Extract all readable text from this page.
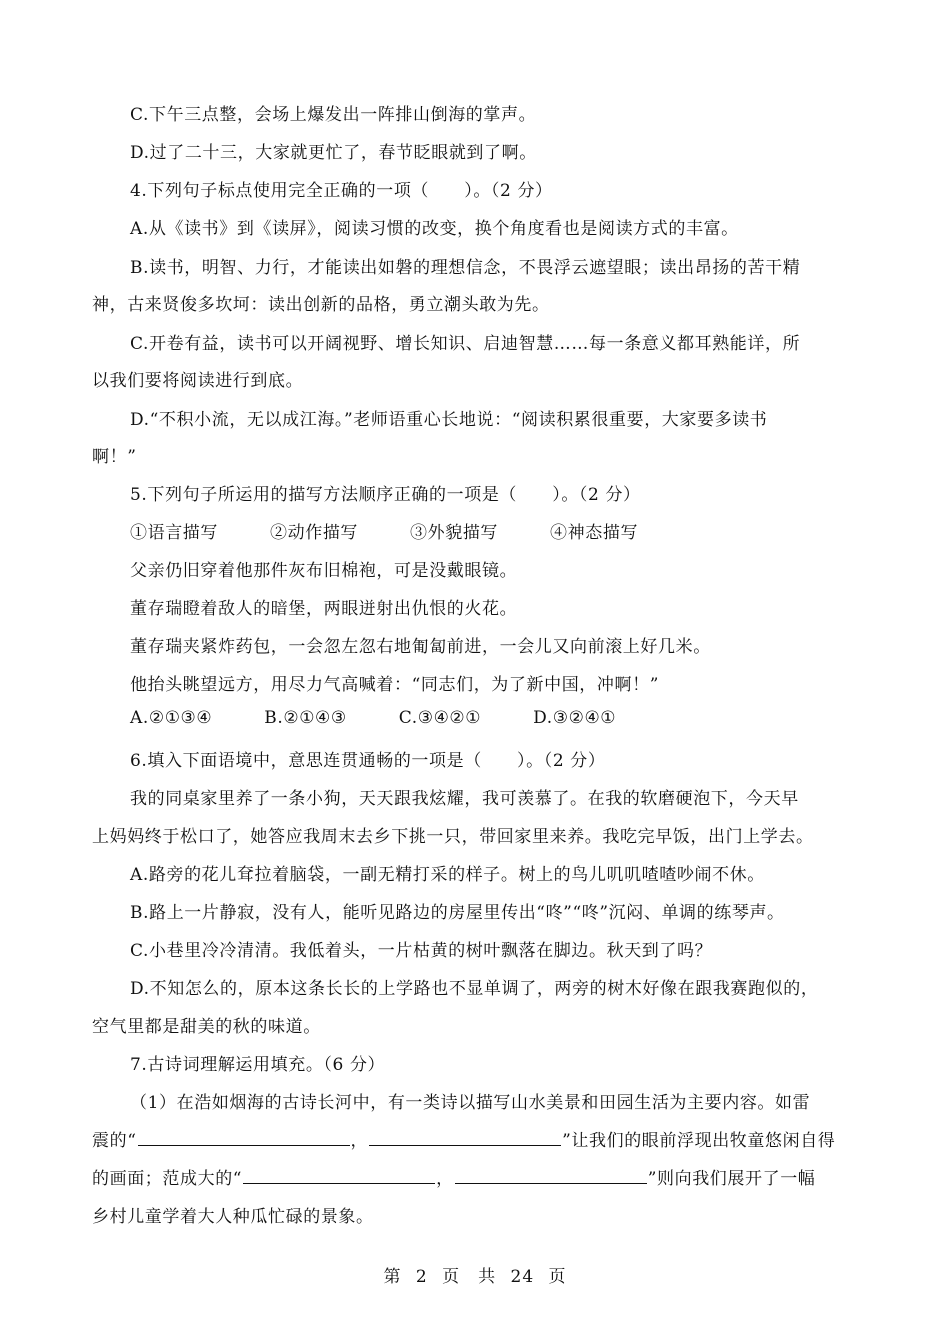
C.下午三点整，会场上爆发出一阵排山倒海的掌声。
D.过了二十三，大家就更忙了，春节眨眼就到了啊。
4.下列句子标点使用完全正确的一项（　　）。（2 分）
A.从《读书》到《读屏》，阅读习惯的改变，换个角度看也是阅读方式的丰富。
B.读书，明智、力行，才能读出如磐的理想信念，不畏浮云遮望眼；读出昂扬的苦干精
神，古来贤俊多坎坷：读出创新的品格，勇立潮头敢为先。
C.开卷有益，读书可以开阔视野、增长知识、启迪智慧……每一条意义都耳熟能详，所
以我们要将阅读进行到底。
D.“不积小流，无以成江海。”老师语重心长地说：“阅读积累很重要，大家要多读书
啊！”
5.下列句子所运用的描写方法顺序正确的一项是（　　）。（2 分）
①语言描写	②动作描写	③外貌描写	④神态描写
父亲仍旧穿着他那件灰布旧棉袍，可是没戴眼镜。
董存瑞瞪着敌人的暗堡，两眼迸射出仇恨的火花。
董存瑞夹紧炸药包，一会忽左忽右地匍匐前进，一会儿又向前滚上好几米。
他抬头眺望远方，用尽力气高喊着：“同志们，为了新中国，冲啊！”
A.②①③④	B.②①④③	C.③④②①	D.③②④①
6.填入下面语境中，意思连贯通畅的一项是（　　）。（2 分）
我的同桌家里养了一条小狗，天天跟我炫耀，我可羡慕了。在我的软磨硬泡下，今天早
上妈妈终于松口了，她答应我周末去乡下挑一只，带回家里来养。我吃完早饭，出门上学去。
A.路旁的花儿耷拉着脑袋，一副无精打采的样子。树上的鸟儿叽叽喳喳吵闹不休。
B.路上一片静寂，没有人，能听见路边的房屋里传出“咚”“咚”沉闷、单调的练琴声。
C.小巷里冷冷清清。我低着头，一片枯黄的树叶飘落在脚边。秋天到了吗？
D.不知怎么的，原本这条长长的上学路也不显单调了，两旁的树木好像在跟我赛跑似的，
空气里都是甜美的秋的味道。
7.古诗词理解运用填充。（6 分）
（1）在浩如烟海的古诗长河中，有一类诗以描写山水美景和田园生活为主要内容。如雷
震的“	，	”让我们的眼前浮现出牧童悠闲自得
的画面；范成大的“	，	”则向我们展开了一幅
乡村儿童学着大人种瓜忙碌的景象。
第 2 页　共 24 页
